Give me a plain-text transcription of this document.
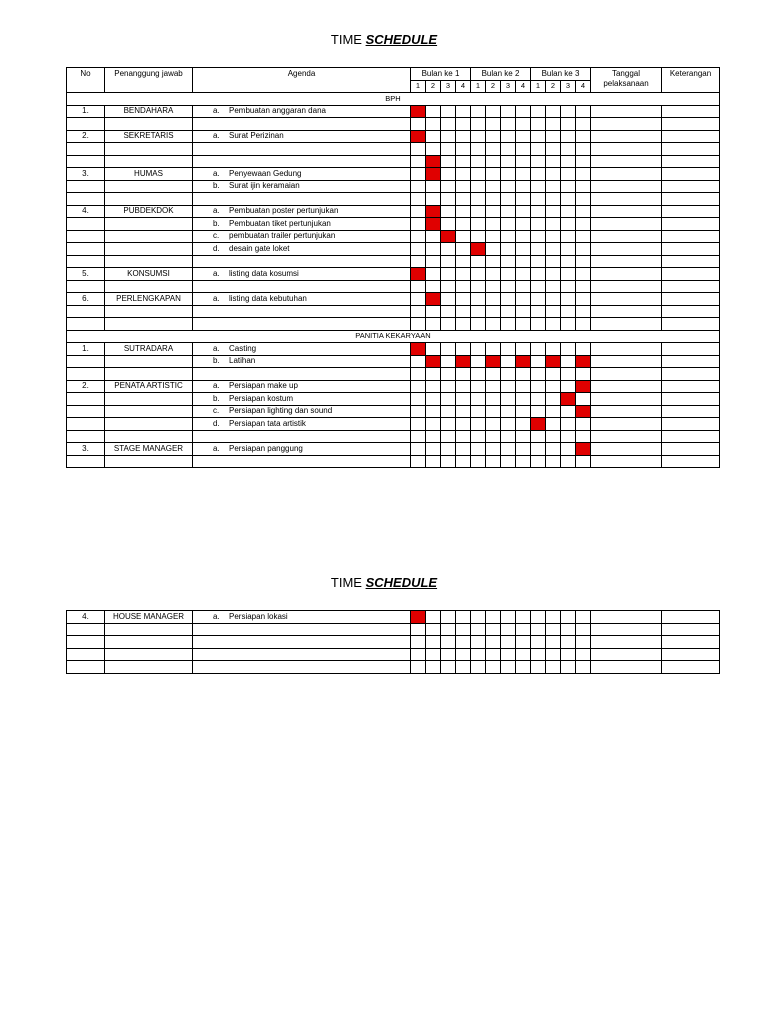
TIME SCHEDULE
No	Penanggung jawab	Agenda	Bulan ke 1				Bulan ke 2				Bulan ke 3				Tanggal pelaksanaan	Keterangan
			1	2	3	4	1	2	3	4	1	2	3	4		
BPH																
1.	BENDAHARA	a. Pembuatan anggaran dana														

2.	SEKRETARIS	a. Surat Perizinan														

3.	HUMAS	a. Penyewaan Gedung														
		b. Surat ijin keramaian														

4.	PUBDEKDOK	a. Pembuatan poster pertunjukan														
		b. Pembuatan tiket pertunjukan														
		c. pembuatan trailer pertunjukan														
		d. desain gate loket														

5.	KONSUMSI	a. listing data kosumsi														

6.	PERLENGKAPAN	a. listing data kebutuhan														

PANITIA KEKARYAAN																
1.	SUTRADARA	a. Casting														
		b. Latihan														

2.	PENATA ARTISTIC	a. Persiapan make up														
		b. Persiapan kostum														
		c. Persiapan lighting dan sound														
		d. Persiapan tata artistik														

3.	STAGE MANAGER	a. Persiapan panggung														

TIME SCHEDULE
4.	HOUSE MANAGER	a. Persiapan lokasi														
